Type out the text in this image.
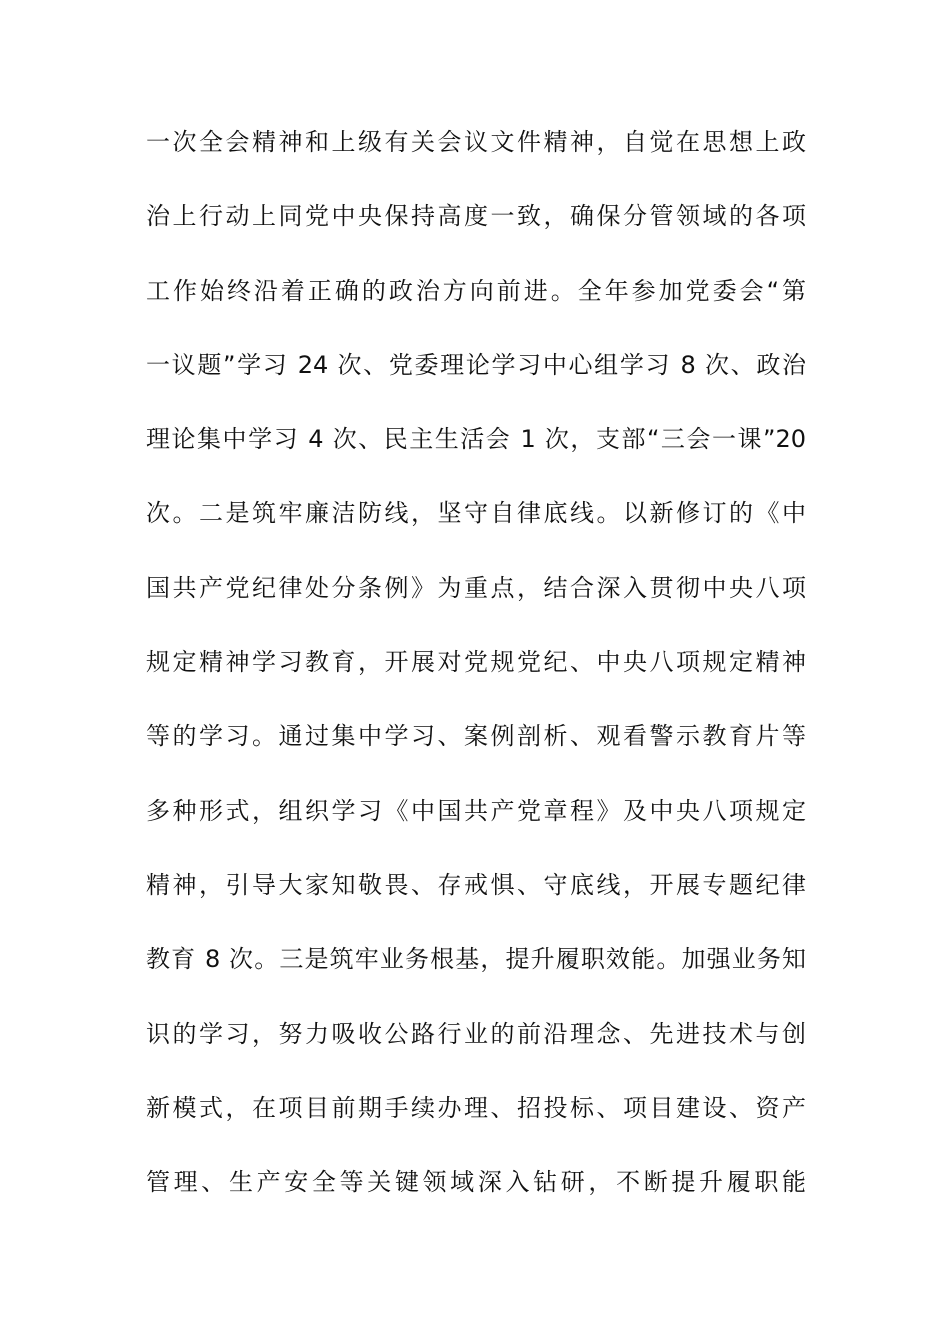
一次全会精神和上级有关会议文件精神，自觉在思想上政
治上行动上同党中央保持高度一致，确保分管领域的各项
工作始终沿着正确的政治方向前进。全年参加党委会“第
一议题”学习 24 次、党委理论学习中心组学习 8 次、政治
理论集中学习 4 次、民主生活会 1 次，支部“三会一课”20
次。二是筑牢廉洁防线，坚守自律底线。以新修订的《中
国共产党纪律处分条例》为重点，结合深入贯彻中央八项
规定精神学习教育，开展对党规党纪、中央八项规定精神
等的学习。通过集中学习、案例剖析、观看警示教育片等
多种形式，组织学习《中国共产党章程》及中央八项规定
精神，引导大家知敬畏、存戒惧、守底线，开展专题纪律
教育 8 次。三是筑牢业务根基，提升履职效能。加强业务知
识的学习，努力吸收公路行业的前沿理念、先进技术与创
新模式，在项目前期手续办理、招投标、项目建设、资产
管理、生产安全等关键领域深入钻研，不断提升履职能
